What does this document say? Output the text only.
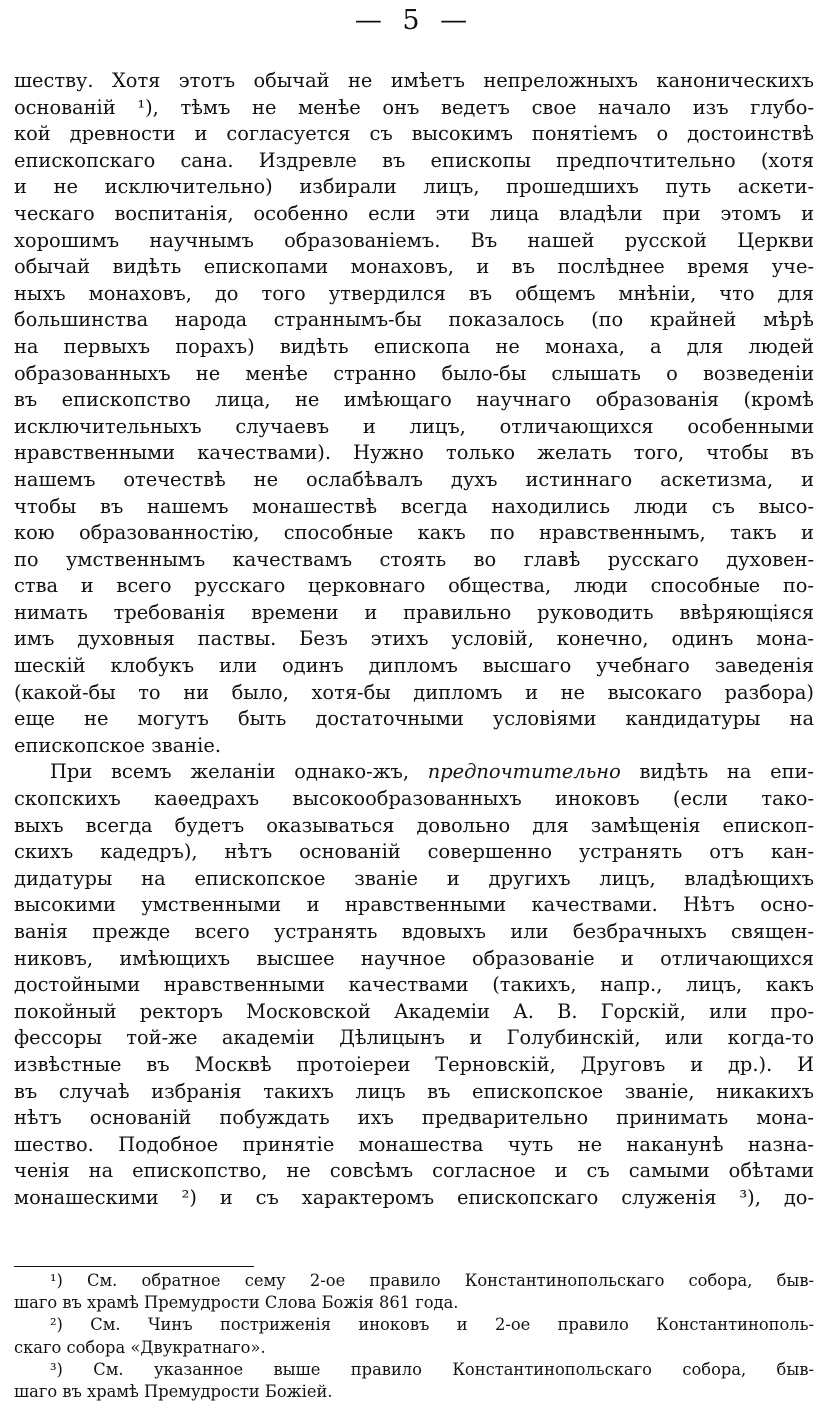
— 5 —
шеству. Хотя этотъ обычай не имѣетъ непреложныхъ каноническихъ
основаній ¹), тѣмъ не менѣе онъ ведетъ свое начало изъ глубо-
кой древности и согласуется съ высокимъ понятіемъ о достоинствѣ
епископскаго сана. Издревле въ епископы предпочтительно (хотя
и не исключительно) избирали лицъ, прошедшихъ путь аскети-
ческаго воспитанія, особенно если эти лица владѣли при этомъ и
хорошимъ научнымъ образованіемъ. Въ нашей русской Церкви
обычай видѣть епископами монаховъ, и въ послѣднее время уче-
ныхъ монаховъ, до того утвердился въ общемъ мнѣніи, что для
большинства народа страннымъ-бы показалось (по крайней мѣрѣ
на первыхъ порахъ) видѣть епископа не монаха, а для людей
образованныхъ не менѣе странно было-бы слышать о возведеніи
въ епископство лица, не имѣющаго научнаго образованія (кромѣ
исключительныхъ случаевъ и лицъ, отличающихся особенными
нравственными качествами). Нужно только желать того, чтобы въ
нашемъ отечествѣ не ослабѣвалъ духъ истиннаго аскетизма, и
чтобы въ нашемъ монашествѣ всегда находились люди съ высо-
кою образованностію, способные какъ по нравственнымъ, такъ и
по умственнымъ качествамъ стоять во главѣ русскаго духовен-
ства и всего русскаго церковнаго общества, люди способные по-
нимать требованія времени и правильно руководить ввѣряющіяся
имъ духовныя паствы. Безъ этихъ условій, конечно, одинъ мона-
шескій клобукъ или одинъ дипломъ высшаго учебнаго заведенія
(какой-бы то ни было, хотя-бы дипломъ и не высокаго разбора)
еще не могутъ быть достаточными условіями кандидатуры на
епископское званіе.
При всемъ желаніи однако-жъ, предпочтительно видѣть на епи-
скопскихъ каѳедрахъ высокообразованныхъ иноковъ (если тако-
выхъ всегда будетъ оказываться довольно для замѣщенія епископ-
скихъ кадедръ), нѣтъ основаній совершенно устранять отъ кан-
дидатуры на епископское званіе и другихъ лицъ, владѣющихъ
высокими умственными и нравственными качествами. Нѣтъ осно-
ванія прежде всего устранять вдовыхъ или безбрачныхъ священ-
никовъ, имѣющихъ высшее научное образованіе и отличающихся
достойными нравственными качествами (такихъ, напр., лицъ, какъ
покойный ректоръ Московской Академіи А. В. Горскій, или про-
фессоры той-же академіи Дѣлицынъ и Голубинскій, или когда-то
извѣстные въ Москвѣ протоіереи Терновскій, Друговъ и др.). И
въ случаѣ избранія такихъ лицъ въ епископское званіе, никакихъ
нѣтъ основаній побуждать ихъ предварительно принимать мона-
шество. Подобное принятіе монашества чуть не наканунѣ назна-
ченія на епископство, не совсѣмъ согласное и съ самыми обѣтами
монашескими ²) и съ характеромъ епископскаго служенія ³), до-
¹) См. обратное сему 2-ое правило Константинопольскаго собора, быв-
шаго въ храмѣ Премудрости Слова Божія 861 года.
²) См. Чинъ постриженія иноковъ и 2-ое правило Константинополь-
скаго собора «Двукратнаго».
³) См. указанное выше правило Константинопольскаго собора, быв-
шаго въ храмѣ Премудрости Божіей.
